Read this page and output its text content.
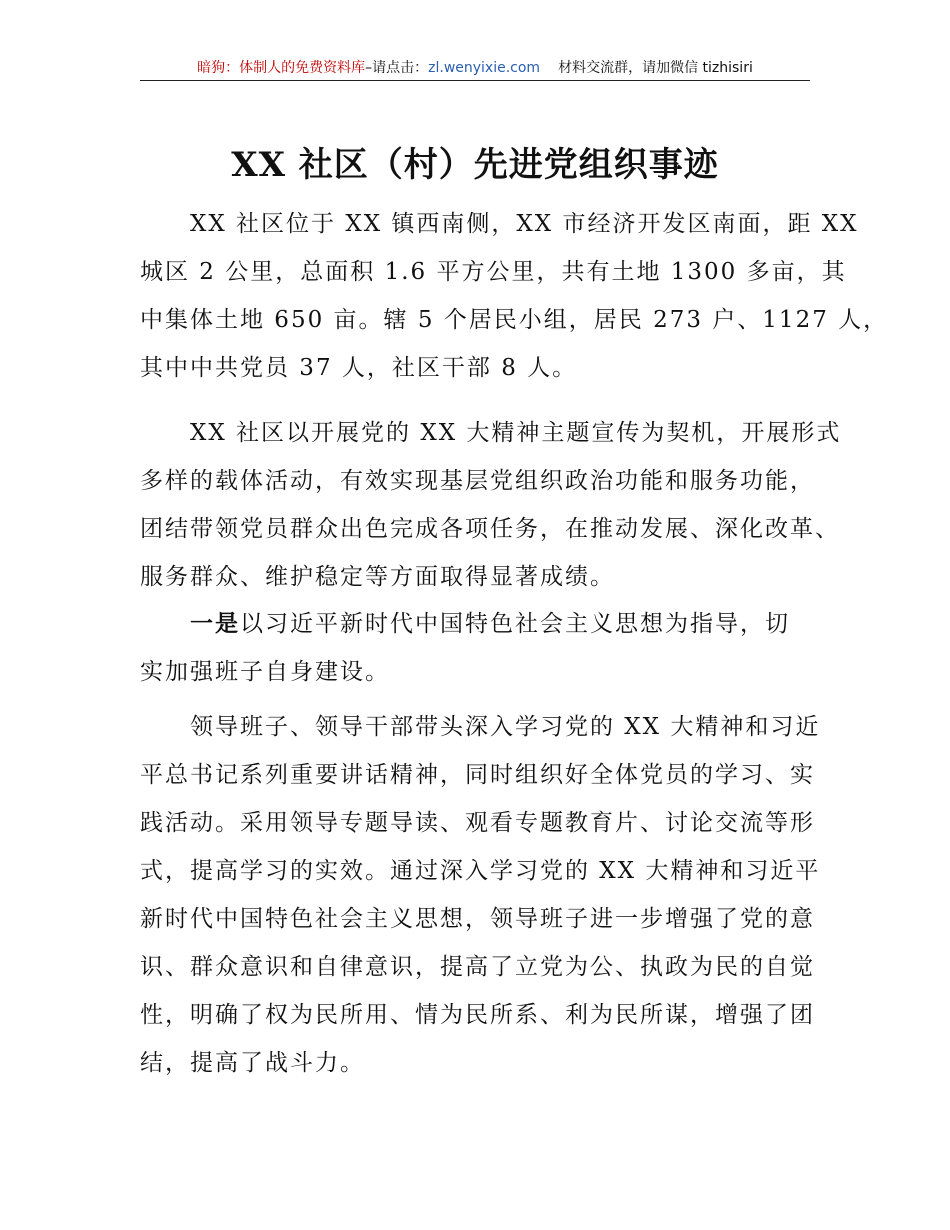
暗狗：体制人的免费资料库–请点击：zl.wenyixie.com 材料交流群，请加微信 tizhisiri
XX 社区（村）先进党组织事迹
XX 社区位于 XX 镇西南侧，XX 市经济开发区南面，距 XX
城区 2 公里，总面积 1.6 平方公里，共有土地 1300 多亩，其
中集体土地 650 亩。辖 5 个居民小组，居民 273 户、1127 人，
其中中共党员 37 人，社区干部 8 人。
XX 社区以开展党的 XX 大精神主题宣传为契机，开展形式
多样的载体活动，有效实现基层党组织政治功能和服务功能，
团结带领党员群众出色完成各项任务，在推动发展、深化改革、
服务群众、维护稳定等方面取得显著成绩。
一是以习近平新时代中国特色社会主义思想为指导，切
实加强班子自身建设。
领导班子、领导干部带头深入学习党的 XX 大精神和习近
平总书记系列重要讲话精神，同时组织好全体党员的学习、实
践活动。采用领导专题导读、观看专题教育片、讨论交流等形
式，提高学习的实效。通过深入学习党的 XX 大精神和习近平
新时代中国特色社会主义思想，领导班子进一步增强了党的意
识、群众意识和自律意识，提高了立党为公、执政为民的自觉
性，明确了权为民所用、情为民所系、利为民所谋，增强了团
结，提高了战斗力。
